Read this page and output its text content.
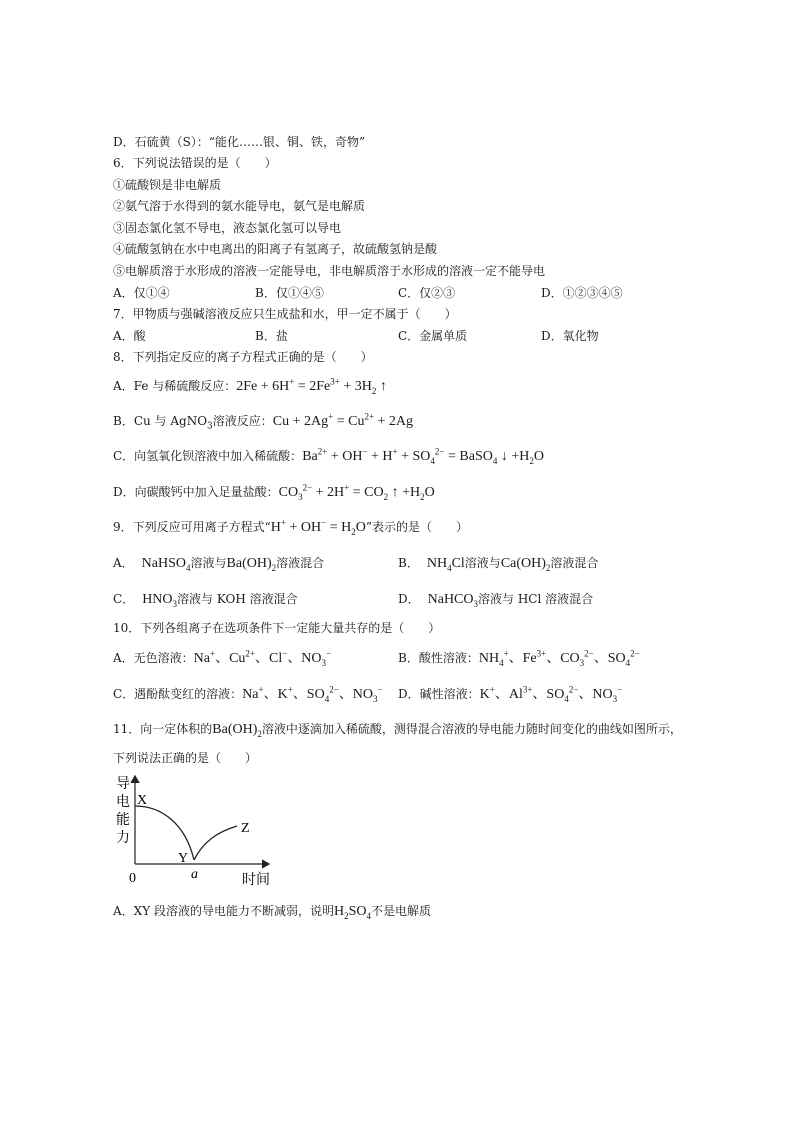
D．石硫黄（S）：“能化……银、铜、铁，奇物”
6．下列说法错误的是（　　）
①硫酸钡是非电解质
②氨气溶于水得到的氨水能导电，氨气是电解质
③固态氯化氢不导电，液态氯化氢可以导电
④硫酸氢钠在水中电离出的阳离子有氢离子，故硫酸氢钠是酸
⑤电解质溶于水形成的溶液一定能导电，非电解质溶于水形成的溶液一定不能导电
A．仅①④	B．仅①④⑤	C．仅②③	D．①②③④⑤
7．甲物质与强碱溶液反应只生成盐和水，甲一定不属于（　　）
A．酸	B．盐	C．金属单质	D．氧化物
8．下列指定反应的离子方程式正确的是（　　）
A．Fe 与稀硫酸反应：$2Fe + 6H^+ = 2Fe^{3+} + 3H_2$ ↑
B．Cu 与 AgNO$_3$溶液反应：$Cu + 2Ag^+ = Cu^{2+} + 2Ag$
C．向氢氧化钡溶液中加入稀硫酸：$Ba^{2+} + OH^- + H^+ + SO_4^{2-}$ = BaSO$_4$ ↓ $+H_2O$
D．向碳酸钙中加入足量盐酸：$CO_3^{2-} + 2H^+ = CO_2$ ↑ $+H_2O$
9．下列反应可用离子方程式“$H^+ + OH^- = H_2O$”表示的是（　　）
A． NaHSO$_4$溶液与$Ba(OH)_2$溶液混合	B． $NH_4Cl$溶液与$Ca(OH)_2$溶液混合
C． $HNO_3$溶液与 KOH 溶液混合	D． NaHCO$_3$溶液与 HCl 溶液混合
10．下列各组离子在选项条件下一定能大量共存的是（　　）
A．无色溶液：Na+、$Cu^{2+}$、Cl−、$NO_3^-$	B．酸性溶液：$NH_4^+$、$Fe^{3+}$、$CO_3^{2-}$、$SO_4^{2-}$
C．遇酚酞变红的溶液：Na+、K+、$SO_4^{2-}$、$NO_3^-$ D．碱性溶液：K+、$Al^{3+}$、$SO_4^{2-}$、$NO_3^-$
11．向一定体积的$Ba(OH)_2$溶液中逐滴加入稀硫酸，测得混合溶液的导电能力随时间变化的曲线如图所示，
下列说法正确的是（　　）
导
电
能
力
X
Y
Z
a
0	时间
A．XY 段溶液的导电能力不断减弱，说明$H_2SO_4$不是电解质
